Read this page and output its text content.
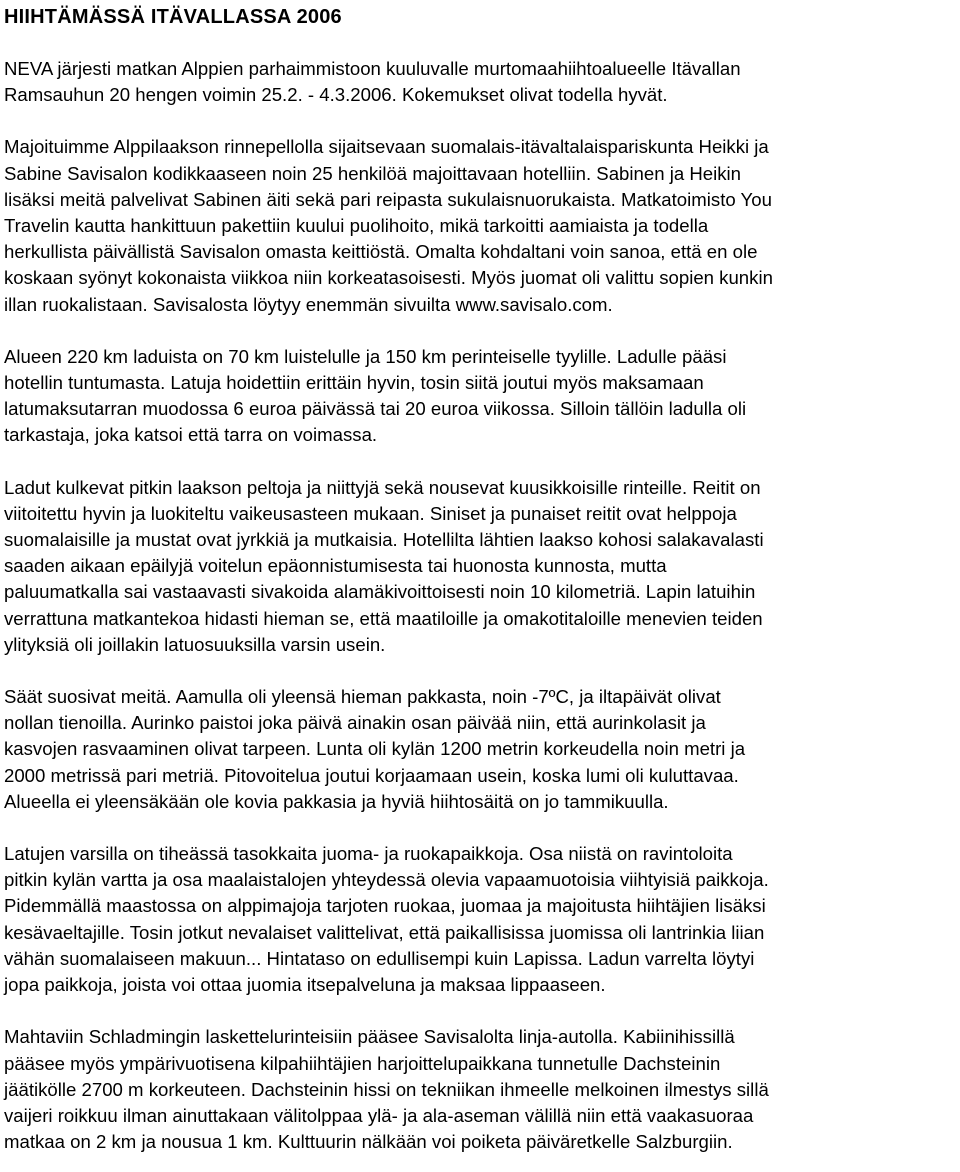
HIIHTÄMÄSSÄ ITÄVALLASSA 2006

NEVA järjesti matkan Alppien parhaimmistoon kuuluvalle murtomaahiihtoalueelle Itävallan
Ramsauhun 20 hengen voimin 25.2. - 4.3.2006. Kokemukset olivat todella hyvät.

Majoituimme Alppilaakson rinnepellolla sijaitsevaan suomalais-itävaltalaispariskunta Heikki ja
Sabine Savisalon kodikkaaseen noin 25 henkilöä majoittavaan hotelliin. Sabinen ja Heikin
lisäksi meitä palvelivat Sabinen äiti sekä pari reipasta sukulaisnuorukaista. Matkatoimisto You
Travelin kautta hankittuun pakettiin kuului puolihoito, mikä tarkoitti aamiaista ja todella
herkullista päivällistä Savisalon omasta keittiöstä. Omalta kohdaltani voin sanoa, että en ole
koskaan syönyt kokonaista viikkoa niin korkeatasoisesti. Myös juomat oli valittu sopien kunkin
illan ruokalistaan. Savisalosta löytyy enemmän sivuilta www.savisalo.com.

Alueen 220 km laduista on 70 km luistelulle ja 150 km perinteiselle tyylille. Ladulle pääsi
hotellin tuntumasta. Latuja hoidettiin erittäin hyvin, tosin siitä joutui myös maksamaan
latumaksutarran muodossa 6 euroa päivässä tai 20 euroa viikossa. Silloin tällöin ladulla oli
tarkastaja, joka katsoi että tarra on voimassa.

Ladut kulkevat pitkin laakson peltoja ja niittyjä sekä nousevat kuusikkoisille rinteille. Reitit on
viitoitettu hyvin ja luokiteltu vaikeusasteen mukaan. Siniset ja punaiset reitit ovat helppoja
suomalaisille ja mustat ovat jyrkkiä ja mutkaisia. Hotellilta lähtien laakso kohosi salakavalasti
saaden aikaan epäilyjä voitelun epäonnistumisesta tai huonosta kunnosta, mutta
paluumatkalla sai vastaavasti sivakoida alamäkivoittoisesti noin 10 kilometriä. Lapin latuihin
verrattuna matkantekoa hidasti hieman se, että maatiloille ja omakotitaloille menevien teiden
ylityksiä oli joillakin latuosuuksilla varsin usein.

Säät suosivat meitä. Aamulla oli yleensä hieman pakkasta, noin -7ºC, ja iltapäivät olivat
nollan tienoilla. Aurinko paistoi joka päivä ainakin osan päivää niin, että aurinkolasit ja
kasvojen rasvaaminen olivat tarpeen. Lunta oli kylän 1200 metrin korkeudella noin metri ja
2000 metrissä pari metriä. Pitovoitelua joutui korjaamaan usein, koska lumi oli kuluttavaa.
Alueella ei yleensäkään ole kovia pakkasia ja hyviä hiihtosäitä on jo tammikuulla.

Latujen varsilla on tiheässä tasokkaita juoma- ja ruokapaikkoja. Osa niistä on ravintoloita
pitkin kylän vartta ja osa maalaistalojen yhteydessä olevia vapaamuotoisia viihtyisiä paikkoja.
Pidemmällä maastossa on alppimajoja tarjoten ruokaa, juomaa ja majoitusta hiihtäjien lisäksi
kesävaeltajille. Tosin jotkut nevalaiset valittelivat, että paikallisissa juomissa oli lantrinkia liian
vähän suomalaiseen makuun... Hintataso on edullisempi kuin Lapissa. Ladun varrelta löytyi
jopa paikkoja, joista voi ottaa juomia itsepalveluna ja maksaa lippaaseen.

Mahtaviin Schladmingin laskettelurinteisiin pääsee Savisalolta linja-autolla. Kabiinihissillä
pääsee myös ympärivuotisena kilpahiihtäjien harjoittelupaikkana tunnetulle Dachsteinin
jäätikölle 2700 m korkeuteen. Dachsteinin hissi on tekniikan ihmeelle melkoinen ilmestys sillä
vaijeri roikkuu ilman ainuttakaan välitolppaa ylä- ja ala-aseman välillä niin että vaakasuoraa
matkaa on 2 km ja nousua 1 km. Kulttuurin nälkään voi poiketa päiväretkelle Salzburgiin.
